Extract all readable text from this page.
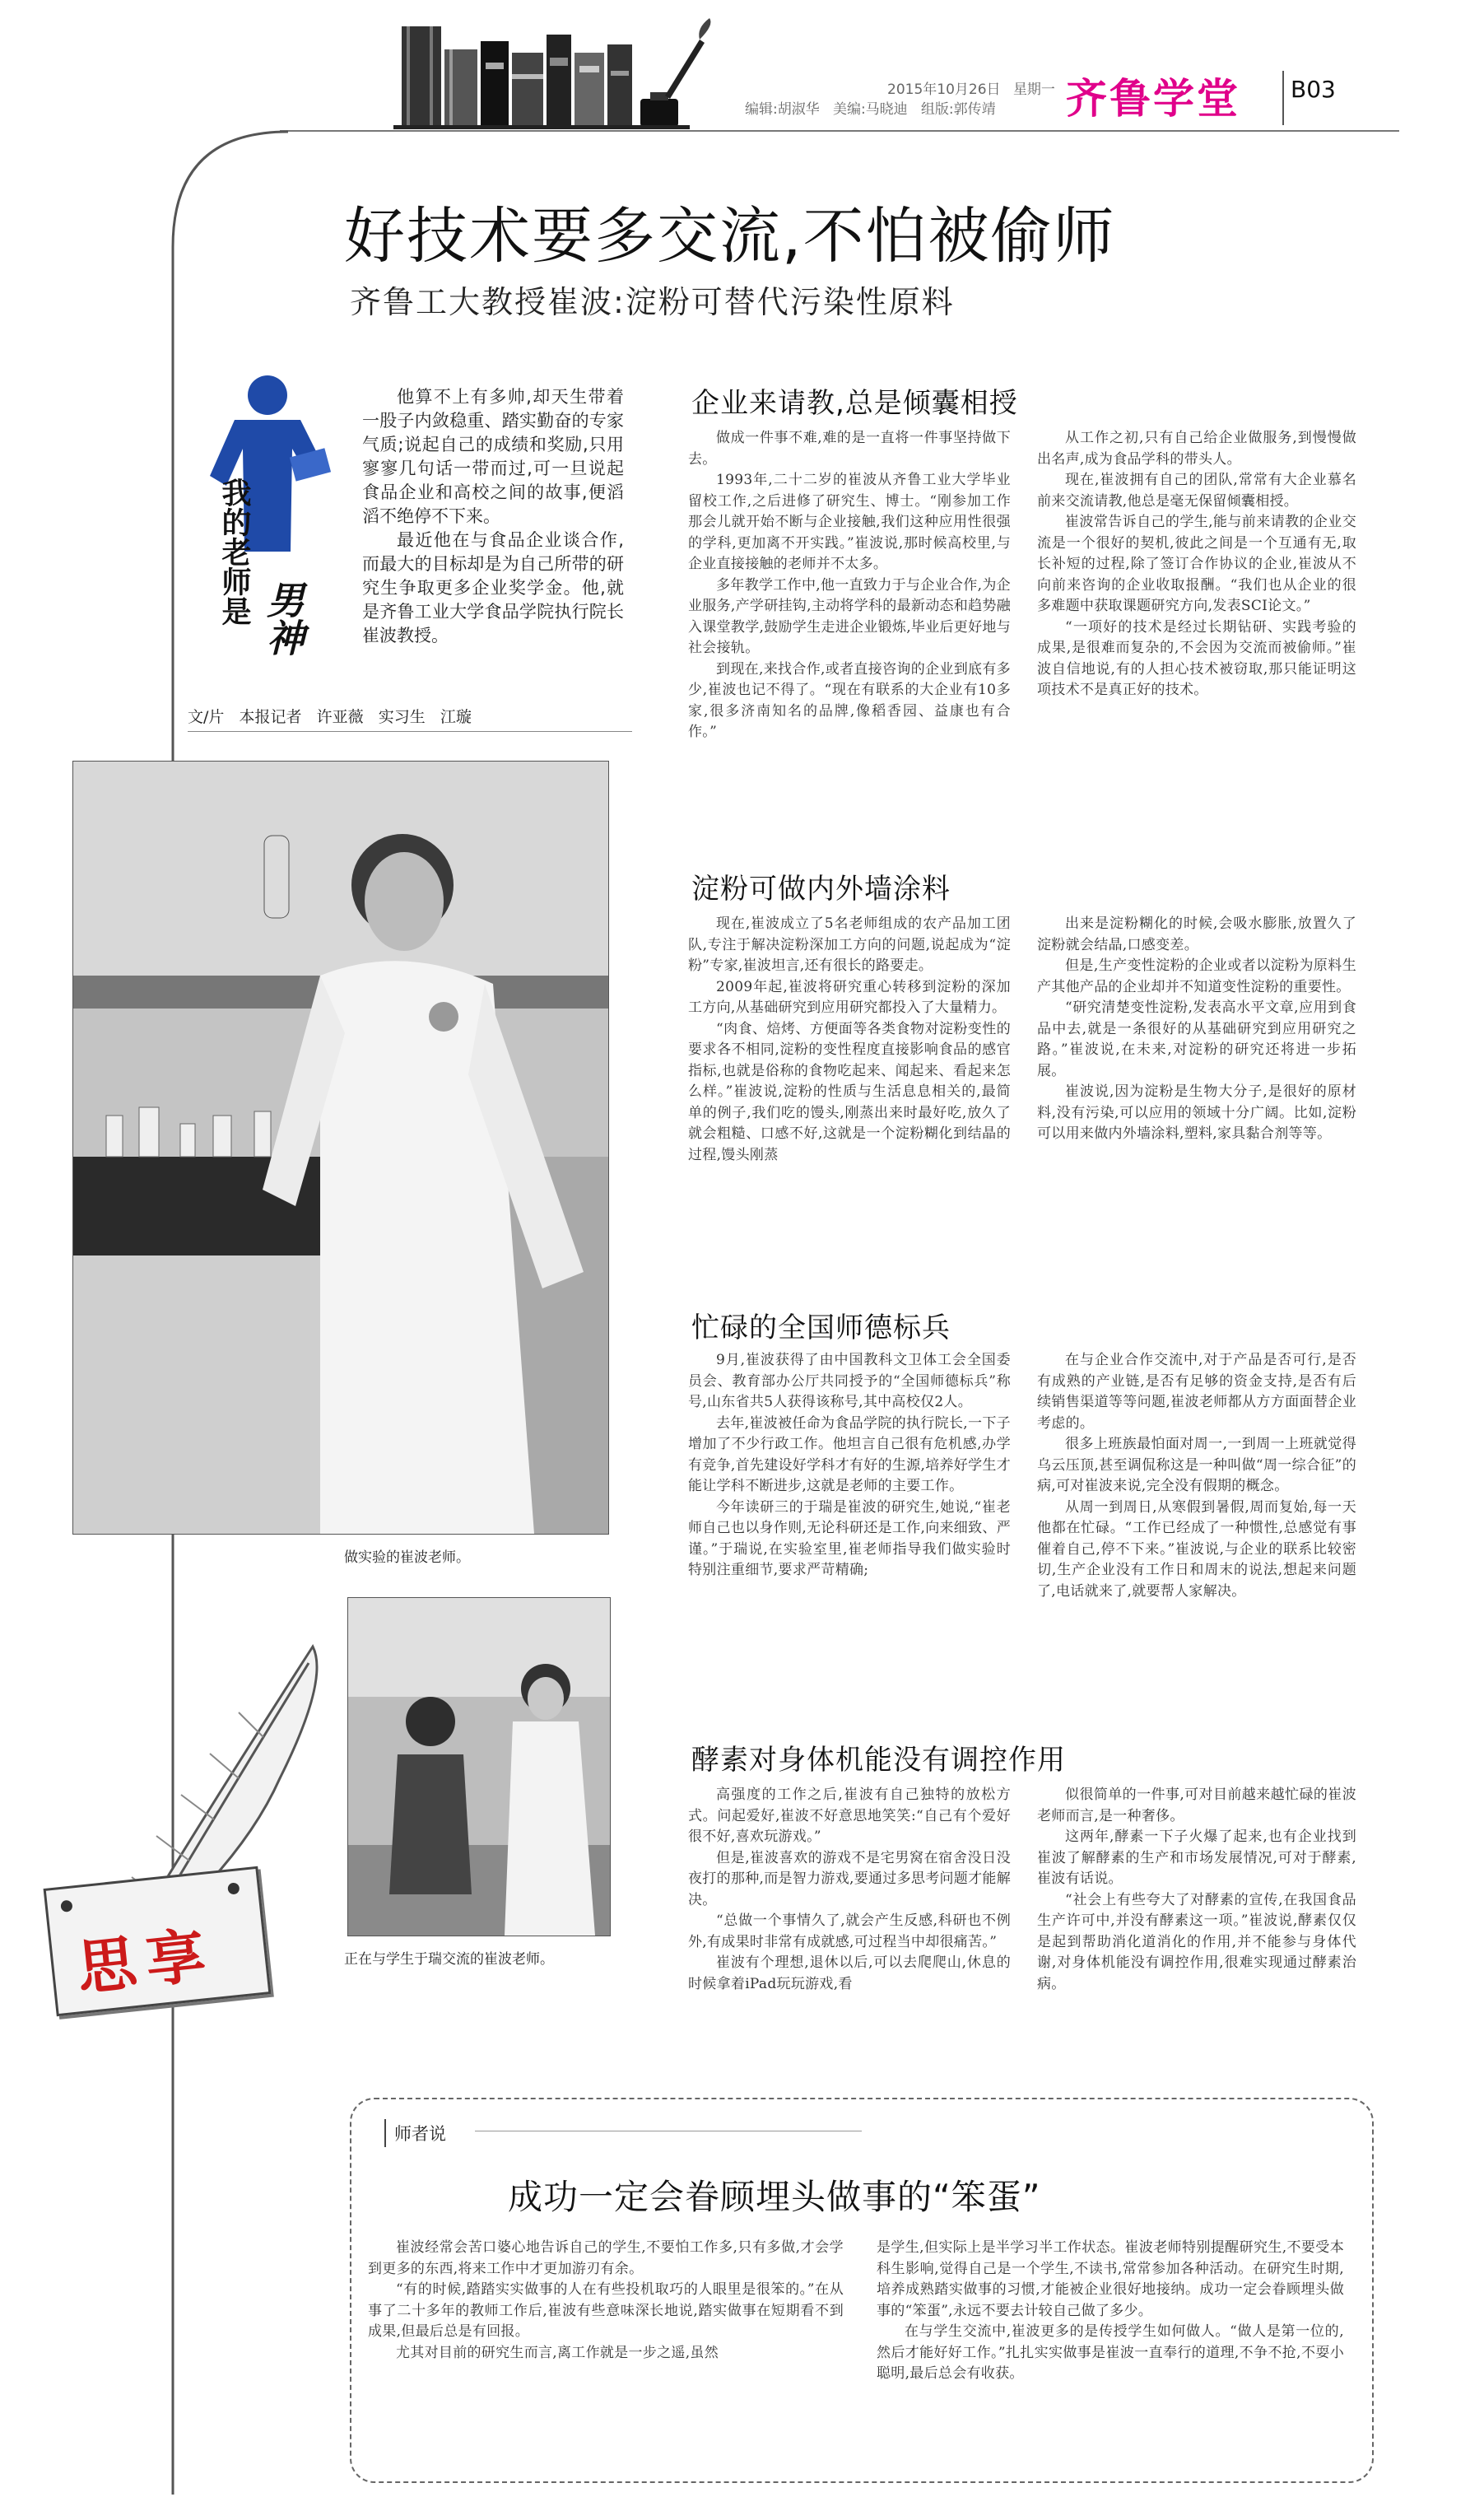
2015年10月26日 星期一
编辑:胡淑华   美编:马晓迪   组版:郭传靖 齐鲁学堂 B03
好技术要多交流,不怕被偷师
齐鲁工大教授崔波:淀粉可替代污染性原料
我的老师是 男神

他算不上有多帅,却天生带着一股子内敛稳重、踏实勤奋的专家气质;说起自己的成绩和奖励,只用寥寥几句话一带而过,可一旦说起食品企业和高校之间的故事,便滔滔不绝停不下来。

最近他在与食品企业谈合作,而最大的目标却是为自己所带的研究生争取更多企业奖学金。他,就是齐鲁工业大学食品学院执行院长崔波教授。

文/片   本报记者   许亚薇   实习生   江璇
做实验的崔波老师。
正在与学生于瑞交流的崔波老师。
思享
企业来请教,总是倾囊相授

做成一件事不难,难的是一直将一件事坚持做下去。

1993年,二十二岁的崔波从齐鲁工业大学毕业留校工作,之后进修了研究生、博士。“刚参加工作那会儿就开始不断与企业接触,我们这种应用性很强的学科,更加离不开实践。”崔波说,那时候高校里,与企业直接接触的老师并不太多。

多年教学工作中,他一直致力于与企业合作,为企业服务,产学研挂钩,主动将学科的最新动态和趋势融入课堂教学,鼓励学生走进企业锻炼,毕业后更好地与社会接轨。

到现在,来找合作,或者直接咨询的企业到底有多少,崔波也记不得了。“现在有联系的大企业有10多家,很多济南知名的品牌,像稻香园、益康也有合作。”

从工作之初,只有自己给企业做服务,到慢慢做出名声,成为食品学科的带头人。

现在,崔波拥有自己的团队,常常有大企业慕名前来交流请教,他总是毫无保留倾囊相授。

崔波常告诉自己的学生,能与前来请教的企业交流是一个很好的契机,彼此之间是一个互通有无,取长补短的过程,除了签订合作协议的企业,崔波从不向前来咨询的企业收取报酬。“我们也从企业的很多难题中获取课题研究方向,发表SCI论文。”

“一项好的技术是经过长期钻研、实践考验的成果,是很难而复杂的,不会因为交流而被偷师。”崔波自信地说,有的人担心技术被窃取,那只能证明这项技术不是真正好的技术。

淀粉可做内外墙涂料

现在,崔波成立了5名老师组成的农产品加工团队,专注于解决淀粉深加工方向的问题,说起成为“淀粉”专家,崔波坦言,还有很长的路要走。

2009年起,崔波将研究重心转移到淀粉的深加工方向,从基础研究到应用研究都投入了大量精力。

“肉食、焙烤、方便面等各类食物对淀粉变性的要求各不相同,淀粉的变性程度直接影响食品的感官指标,也就是俗称的食物吃起来、闻起来、看起来怎么样。”崔波说,淀粉的性质与生活息息相关的,最简单的例子,我们吃的馒头,刚蒸出来时最好吃,放久了就会粗糙、口感不好,这就是一个淀粉糊化到结晶的过程,馒头刚蒸

出来是淀粉糊化的时候,会吸水膨胀,放置久了淀粉就会结晶,口感变差。

但是,生产变性淀粉的企业或者以淀粉为原料生产其他产品的企业却并不知道变性淀粉的重要性。

“研究清楚变性淀粉,发表高水平文章,应用到食品中去,就是一条很好的从基础研究到应用研究之路。”崔波说,在未来,对淀粉的研究还将进一步拓展。

崔波说,因为淀粉是生物大分子,是很好的原材料,没有污染,可以应用的领域十分广阔。比如,淀粉可以用来做内外墙涂料,塑料,家具黏合剂等等。

忙碌的全国师德标兵

9月,崔波获得了由中国教科文卫体工会全国委员会、教育部办公厅共同授予的“全国师德标兵”称号,山东省共5人获得该称号,其中高校仅2人。

去年,崔波被任命为食品学院的执行院长,一下子增加了不少行政工作。他坦言自己很有危机感,办学有竞争,首先建设好学科才有好的生源,培养好学生才能让学科不断进步,这就是老师的主要工作。

今年读研三的于瑞是崔波的研究生,她说,“崔老师自己也以身作则,无论科研还是工作,向来细致、严谨。”于瑞说,在实验室里,崔老师指导我们做实验时特别注重细节,要求严苛精确;

在与企业合作交流中,对于产品是否可行,是否有成熟的产业链,是否有足够的资金支持,是否有后续销售渠道等等问题,崔波老师都从方方面面替企业考虑的。

很多上班族最怕面对周一,一到周一上班就觉得乌云压顶,甚至调侃称这是一种叫做“周一综合征”的病,可对崔波来说,完全没有假期的概念。

从周一到周日,从寒假到暑假,周而复始,每一天他都在忙碌。“工作已经成了一种惯性,总感觉有事催着自己,停不下来。”崔波说,与企业的联系比较密切,生产企业没有工作日和周末的说法,想起来问题了,电话就来了,就要帮人家解决。

酵素对身体机能没有调控作用

高强度的工作之后,崔波有自己独特的放松方式。问起爱好,崔波不好意思地笑笑:“自己有个爱好很不好,喜欢玩游戏。”

但是,崔波喜欢的游戏不是宅男窝在宿舍没日没夜打的那种,而是智力游戏,要通过多思考问题才能解决。

“总做一个事情久了,就会产生反感,科研也不例外,有成果时非常有成就感,可过程当中却很痛苦。”

崔波有个理想,退休以后,可以去爬爬山,休息的时候拿着iPad玩玩游戏,看

似很简单的一件事,可对目前越来越忙碌的崔波老师而言,是一种奢侈。

这两年,酵素一下子火爆了起来,也有企业找到崔波了解酵素的生产和市场发展情况,可对于酵素,崔波有话说。

“社会上有些夸大了对酵素的宣传,在我国食品生产许可中,并没有酵素这一项。”崔波说,酵素仅仅是起到帮助消化道消化的作用,并不能参与身体代谢,对身体机能没有调控作用,很难实现通过酵素治病。

师者说
成功一定会眷顾埋头做事的“笨蛋”

崔波经常会苦口婆心地告诉自己的学生,不要怕工作多,只有多做,才会学到更多的东西,将来工作中才更加游刃有余。

“有的时候,踏踏实实做事的人在有些投机取巧的人眼里是很笨的。”在从事了二十多年的教师工作后,崔波有些意味深长地说,踏实做事在短期看不到成果,但最后总是有回报。

尤其对目前的研究生而言,离工作就是一步之遥,虽然

是学生,但实际上是半学习半工作状态。崔波老师特别提醒研究生,不要受本科生影响,觉得自己是一个学生,不读书,常常参加各种活动。在研究生时期,培养成熟踏实做事的习惯,才能被企业很好地接纳。成功一定会眷顾埋头做事的“笨蛋”,永远不要去计较自己做了多少。

在与学生交流中,崔波更多的是传授学生如何做人。“做人是第一位的,然后才能好好工作。”扎扎实实做事是崔波一直奉行的道理,不争不抢,不耍小聪明,最后总会有收获。
